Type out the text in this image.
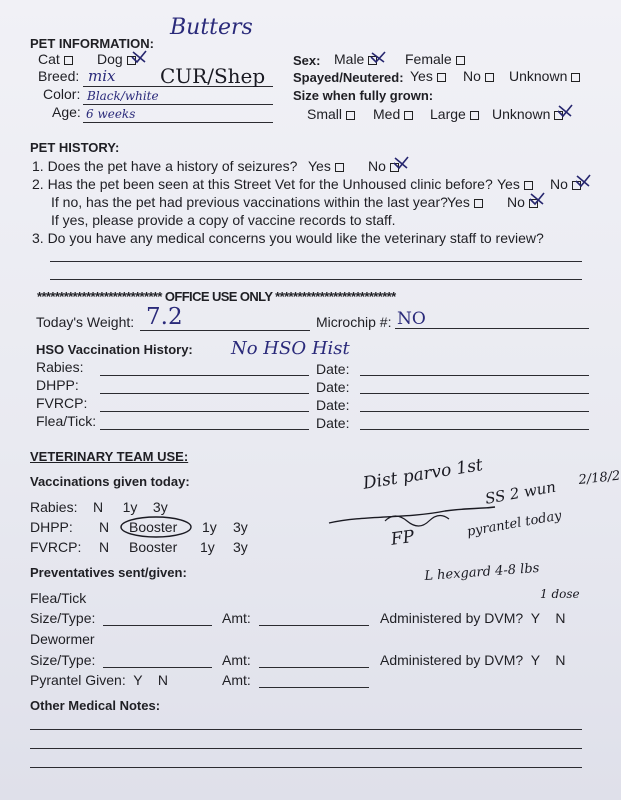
PET INFORMATION:
Butters
Cat	Dog
Breed: mix CUR/Shep
Color: Black/white
Age: 6 weeks
Sex: Male	Female
Spayed/Neutered: Yes	No	Unknown
Size when fully grown:
Small	Med	Large	Unknown
PET HISTORY:
1. Does the pet have a history of seizures? Yes	No
2. Has the pet been seen at this Street Vet for the Unhoused clinic before? Yes	No
If no, has the pet had previous vaccinations within the last year? Yes	No
If yes, please provide a copy of vaccine records to staff.
3. Do you have any medical concerns you would like the veterinary staff to review?
**************************** OFFICE USE ONLY ***************************
Today's Weight: 7.2	Microchip #: NO
HSO Vaccination History: No HSO Hist
Rabies:	Date:
DHPP:	Date:
FVRCP:	Date:
Flea/Tick:	Date:
VETERINARY TEAM USE:
Vaccinations given today:
Rabies:    N     1y    3y
DHPP: N Booster 1y 3y
FVRCP: N Booster 1y 3y
Preventatives sent/given:
Flea/Tick
Size/Type:	Amt:	Administered by DVM?  Y    N
Dewormer
Size/Type:	Amt:	Administered by DVM?  Y    N
Pyrantel Given:  Y    N	Amt:
Other Medical Notes:
Dist parvo 1st	2/18/2
SS 2 wun
FP	pyrantel today
L hexgard 4-8 lbs
1 dose
